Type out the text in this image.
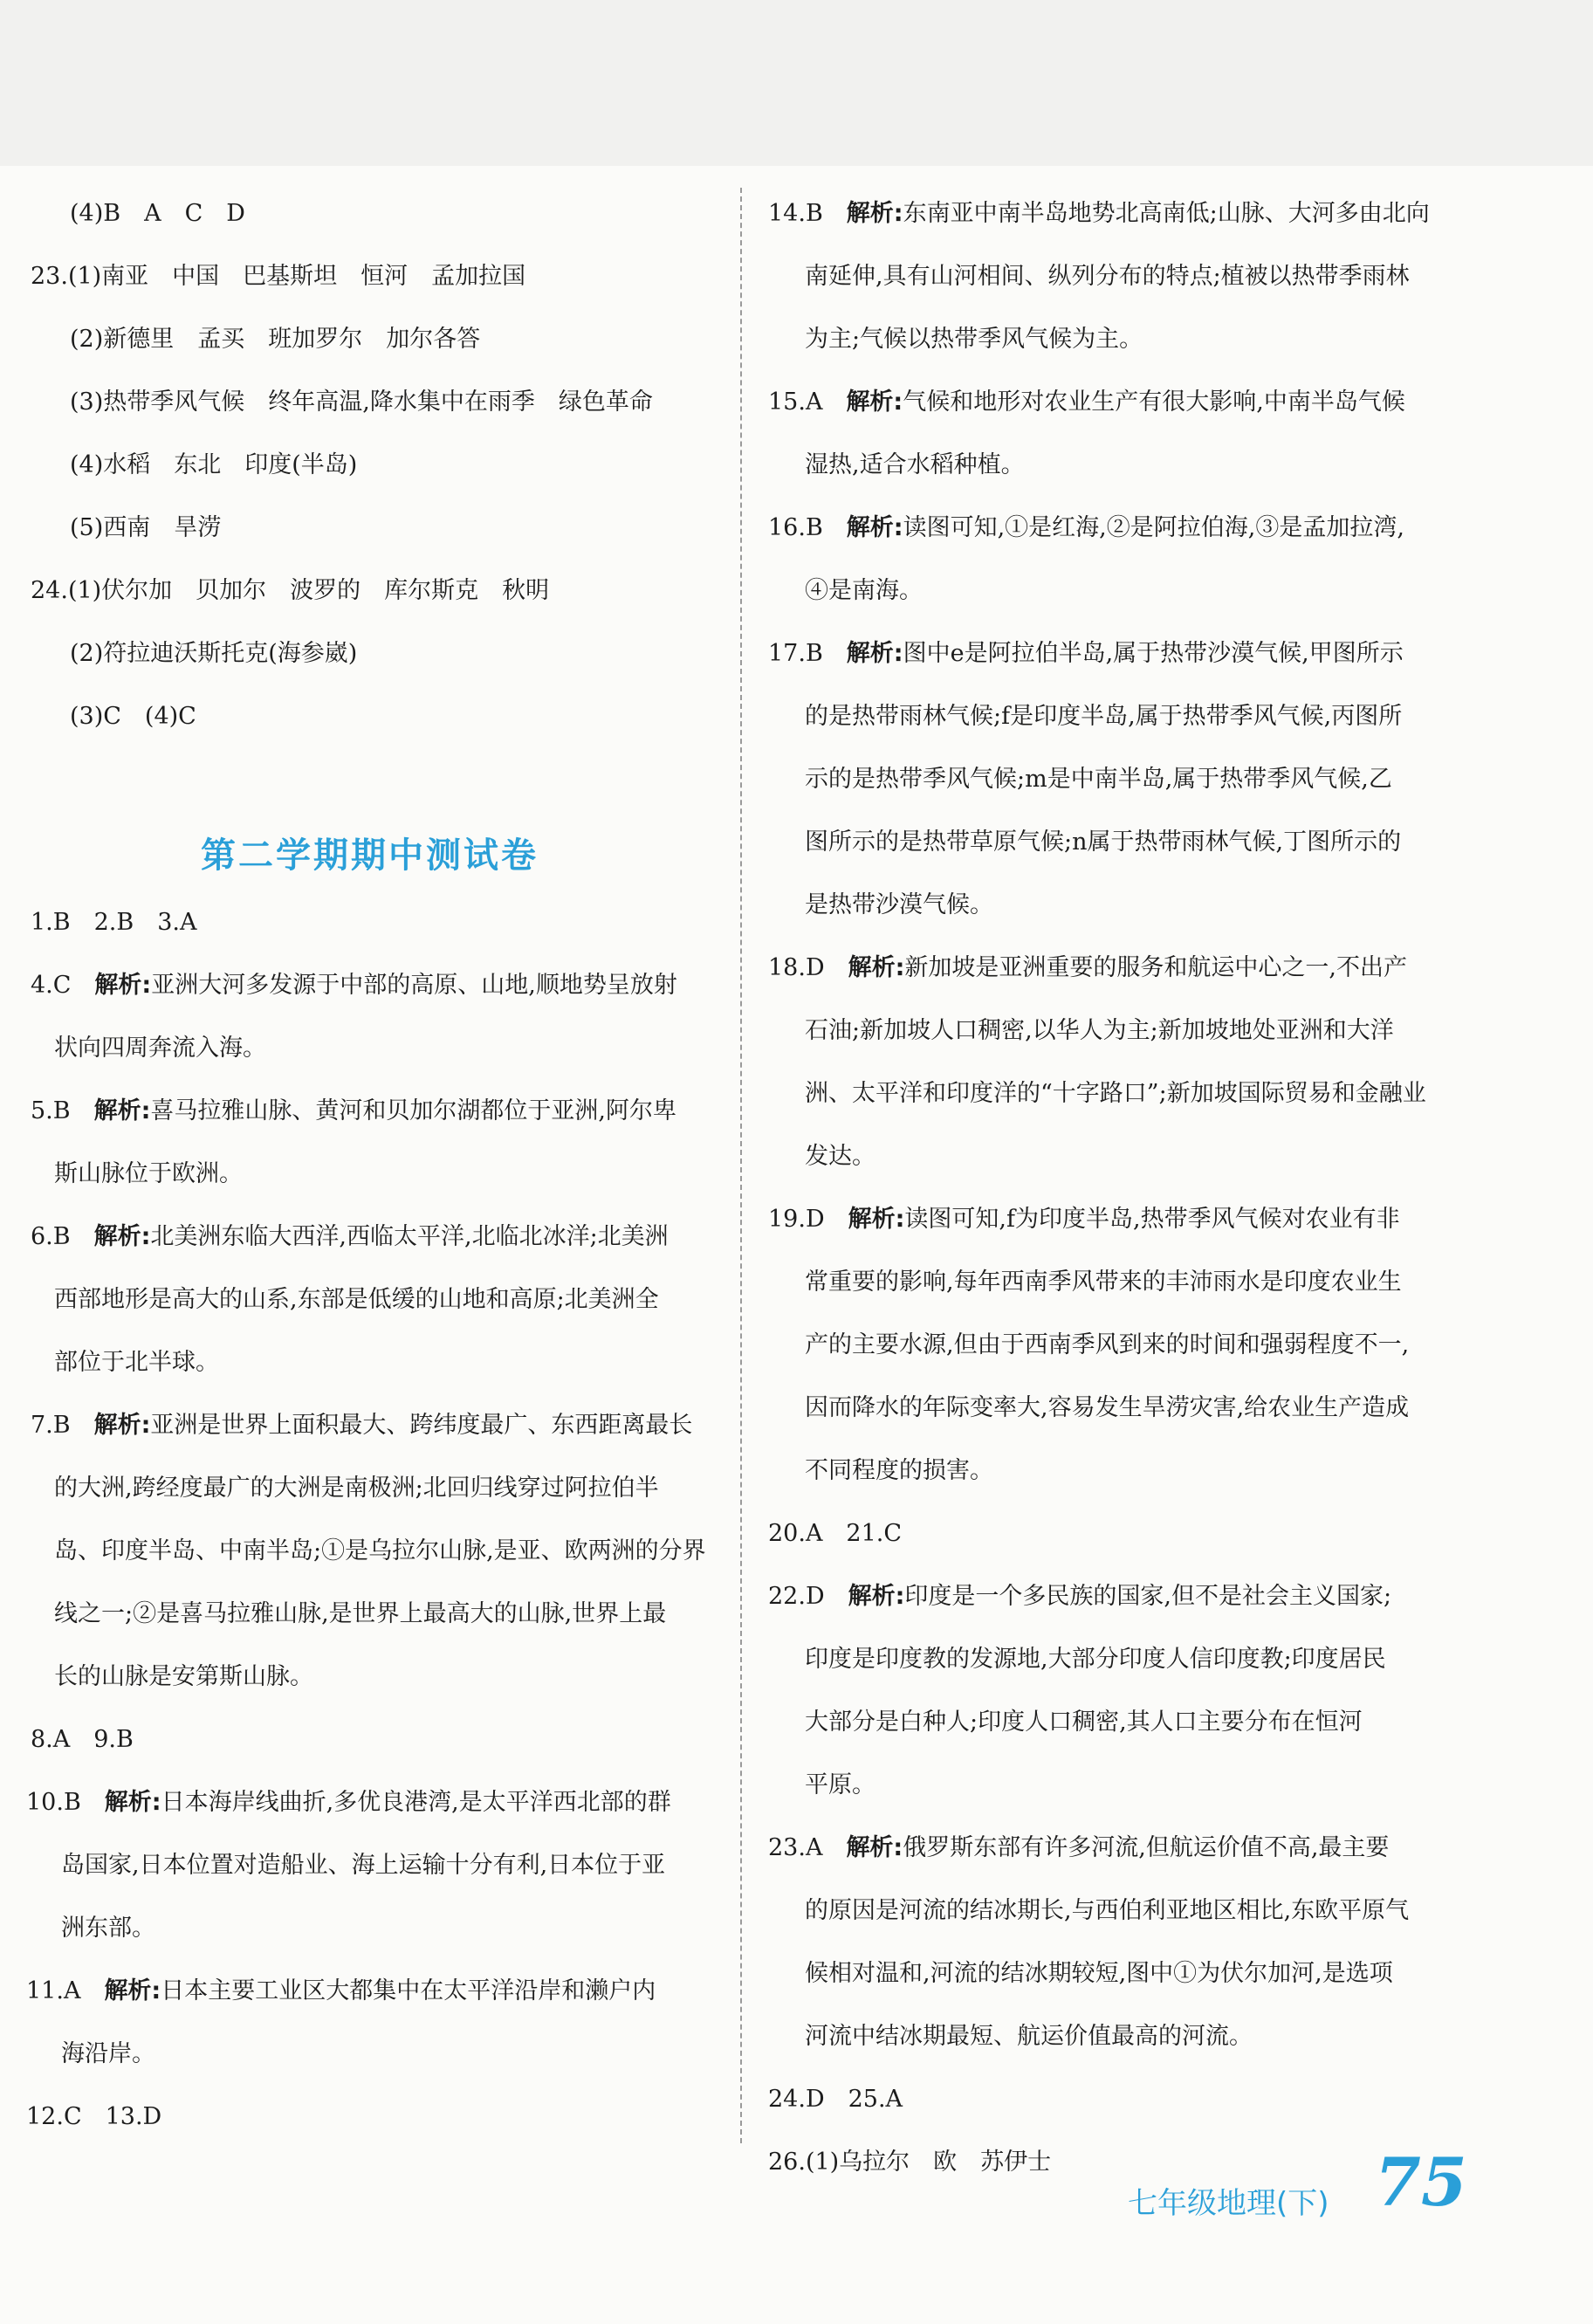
(4)B　A　C　D
23.(1)南亚　中国　巴基斯坦　恒河　孟加拉国
(2)新德里　孟买　班加罗尔　加尔各答
(3)热带季风气候　终年高温,降水集中在雨季　绿色革命
(4)水稻　东北　印度(半岛)
(5)西南　旱涝
24.(1)伏尔加　贝加尔　波罗的　库尔斯克　秋明
(2)符拉迪沃斯托克(海参崴)
(3)C　(4)C
1.B　2.B　3.A
4.C　 解析:亚洲大河多发源于中部的高原、山地,顺地势呈放射
状向四周奔流入海。
5.B　 解析:喜马拉雅山脉、黄河和贝加尔湖都位于亚洲,阿尔卑
斯山脉位于欧洲。
6.B　 解析:北美洲东临大西洋,西临太平洋,北临北冰洋;北美洲
西部地形是高大的山系,东部是低缓的山地和高原;北美洲全
部位于北半球。
7.B　 解析:亚洲是世界上面积最大、跨纬度最广、东西距离最长
的大洲,跨经度最广的大洲是南极洲;北回归线穿过阿拉伯半
岛、印度半岛、中南半岛;①是乌拉尔山脉,是亚、欧两洲的分界
线之一;②是喜马拉雅山脉,是世界上最高大的山脉,世界上最
长的山脉是安第斯山脉。
8.A　9.B
10.B　 解析:日本海岸线曲折,多优良港湾,是太平洋西北部的群
岛国家,日本位置对造船业、海上运输十分有利,日本位于亚
洲东部。
11.A　 解析:日本主要工业区大都集中在太平洋沿岸和濑户内
海沿岸。
12.C　13.D
第二学期期中测试卷
14.B　 解析:东南亚中南半岛地势北高南低;山脉、大河多由北向
南延伸,具有山河相间、纵列分布的特点;植被以热带季雨林
为主;气候以热带季风气候为主。
15.A　 解析:气候和地形对农业生产有很大影响,中南半岛气候
湿热,适合水稻种植。
16.B　 解析:读图可知,①是红海,②是阿拉伯海,③是孟加拉湾,
④是南海。
17.B　 解析:图中e是阿拉伯半岛,属于热带沙漠气候,甲图所示
的是热带雨林气候;f是印度半岛,属于热带季风气候,丙图所
示的是热带季风气候;m是中南半岛,属于热带季风气候,乙
图所示的是热带草原气候;n属于热带雨林气候,丁图所示的
是热带沙漠气候。
18.D　 解析:新加坡是亚洲重要的服务和航运中心之一,不出产
石油;新加坡人口稠密,以华人为主;新加坡地处亚洲和大洋
洲、太平洋和印度洋的“十字路口”;新加坡国际贸易和金融业
发达。
19.D　 解析:读图可知,f为印度半岛,热带季风气候对农业有非
常重要的影响,每年西南季风带来的丰沛雨水是印度农业生
产的主要水源,但由于西南季风到来的时间和强弱程度不一,
因而降水的年际变率大,容易发生旱涝灾害,给农业生产造成
不同程度的损害。
20.A　21.C
22.D　 解析:印度是一个多民族的国家,但不是社会主义国家;
印度是印度教的发源地,大部分印度人信印度教;印度居民
大部分是白种人;印度人口稠密,其人口主要分布在恒河
平原。
23.A　 解析:俄罗斯东部有许多河流,但航运价值不高,最主要
的原因是河流的结冰期长,与西伯利亚地区相比,东欧平原气
候相对温和,河流的结冰期较短,图中①为伏尔加河,是选项
河流中结冰期最短、航运价值最高的河流。
24.D　25.A
26.(1)乌拉尔　欧　苏伊士
七年级地理(下) 75
